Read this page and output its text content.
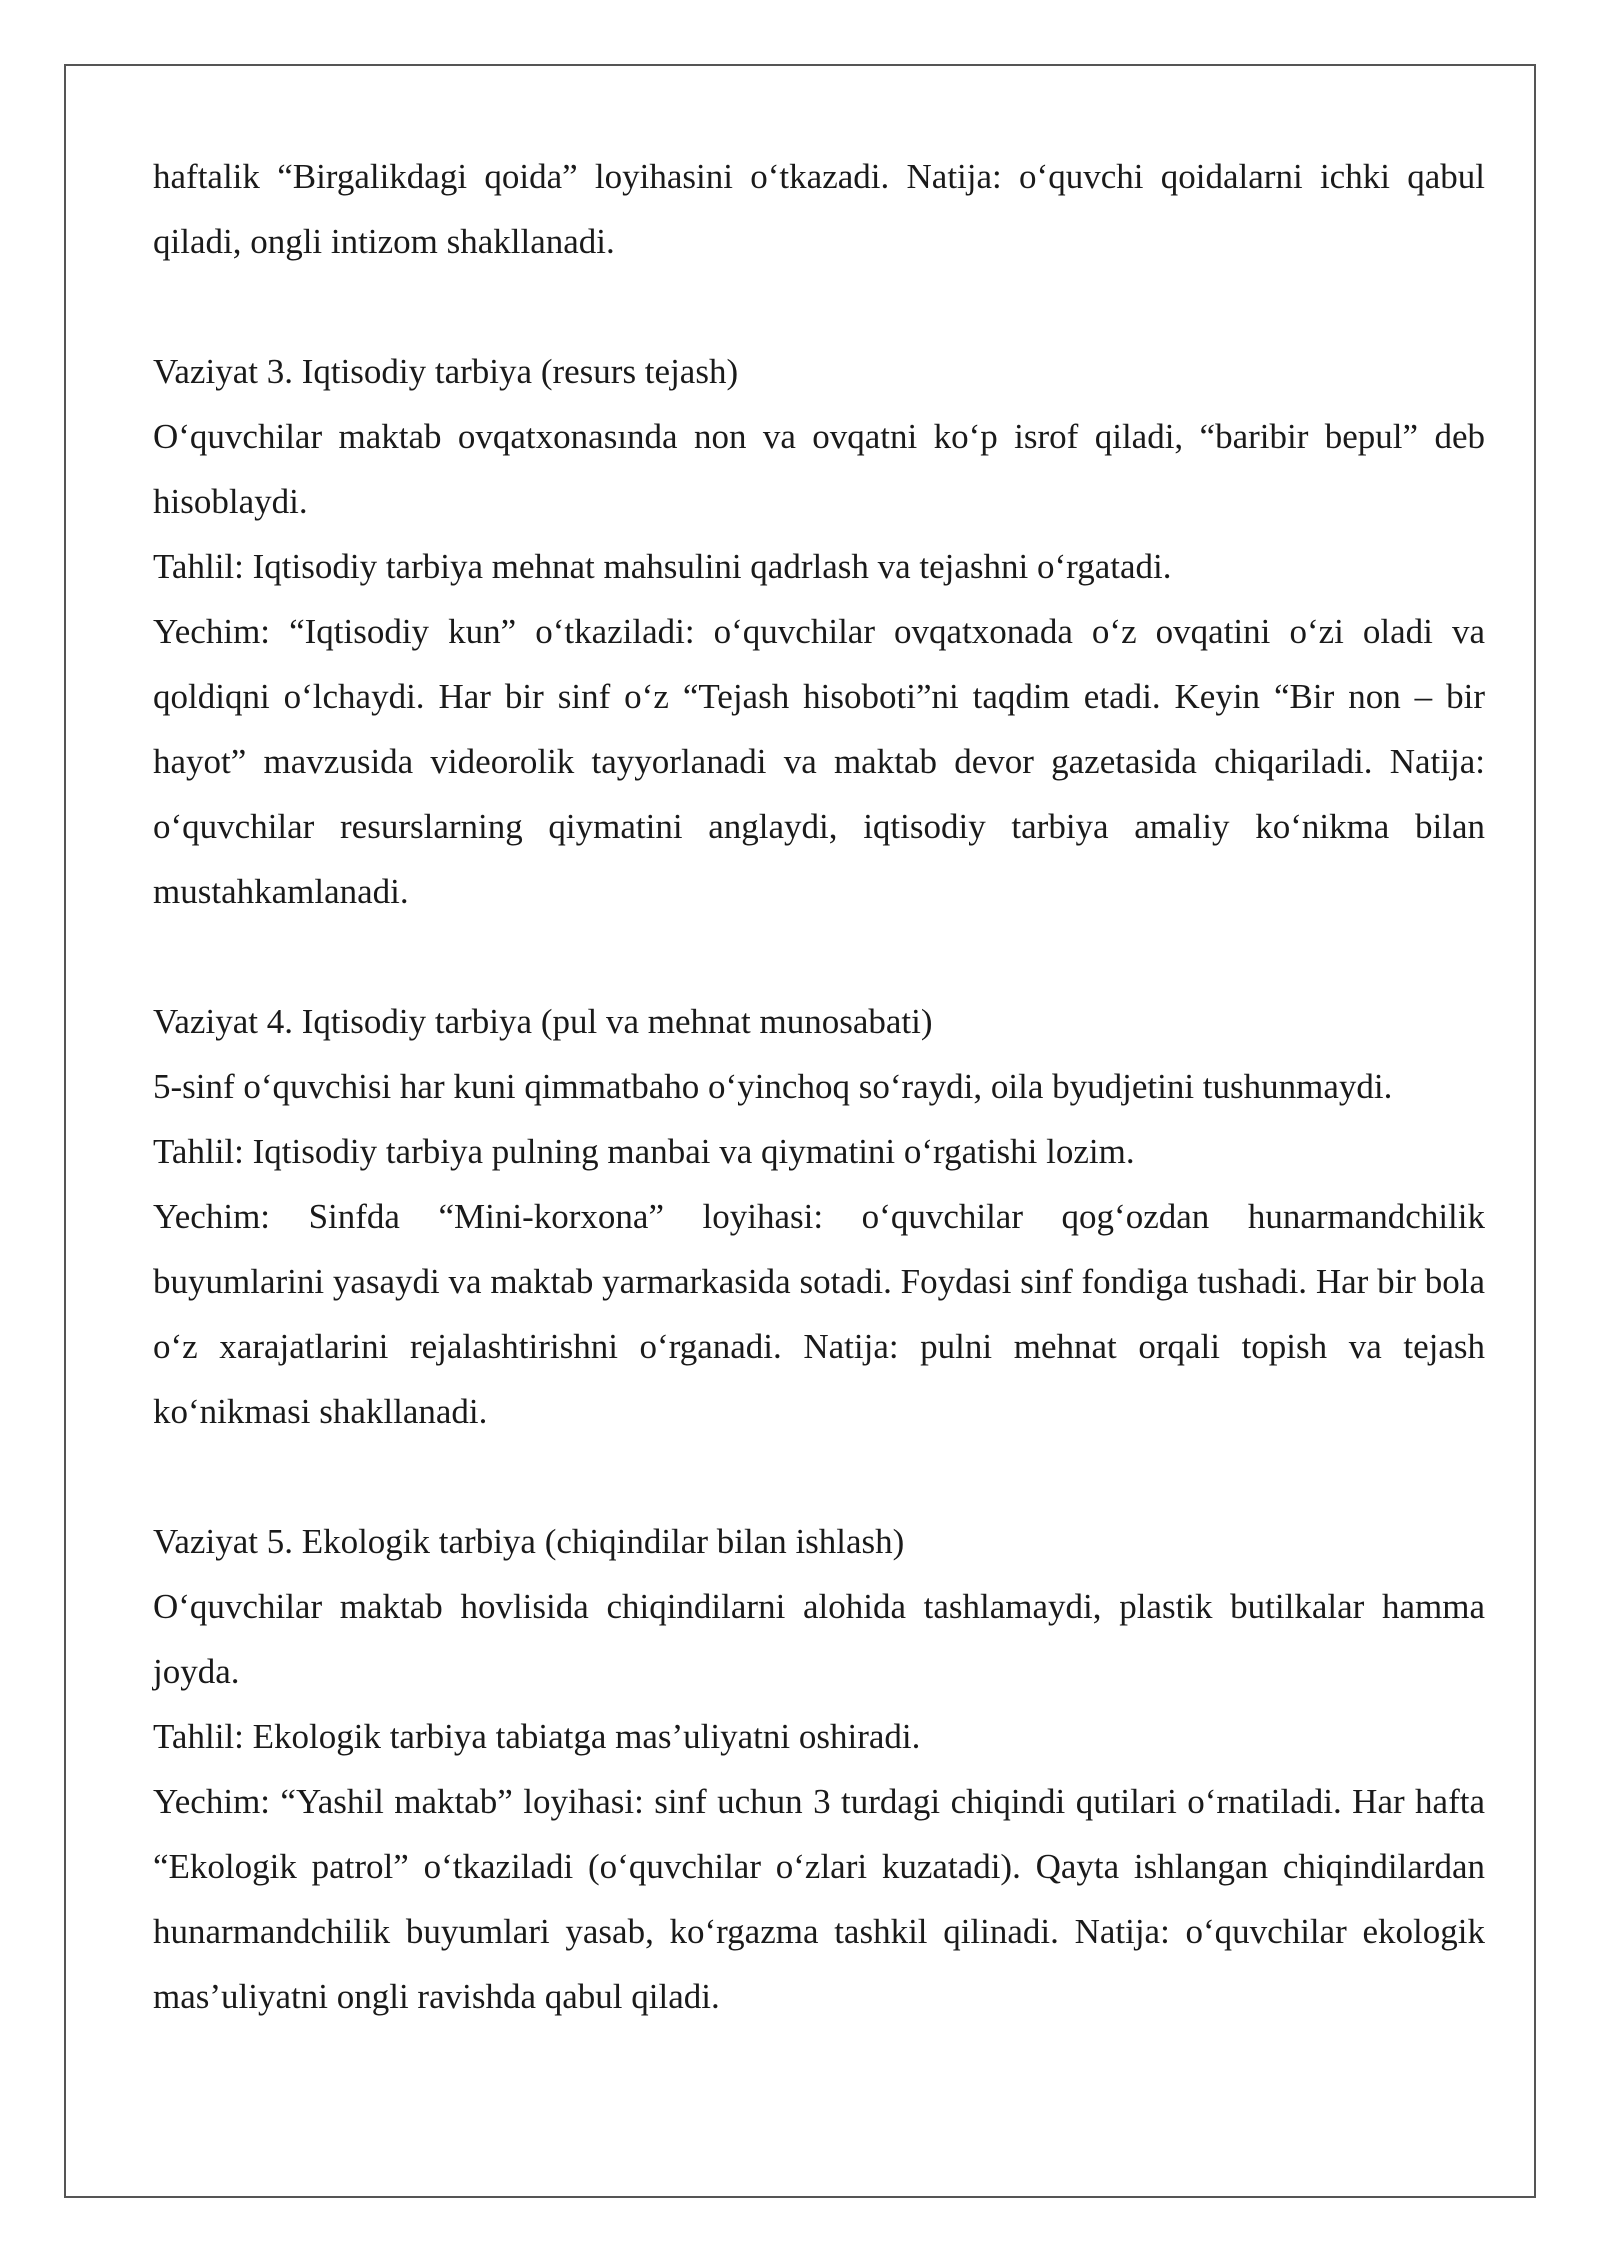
haftalik “Birgalikdagi qoida” loyihasini o‘tkazadi. Natija: o‘quvchi qoidalarni ichki qabul qiladi, ongli intizom shakllanadi.

Vaziyat 3. Iqtisodiy tarbiya (resurs tejash)

O‘quvchilar maktab ovqatxonasında non va ovqatni ko‘p isrof qiladi, “baribir bepul” deb hisoblaydi.

Tahlil: Iqtisodiy tarbiya mehnat mahsulini qadrlash va tejashni o‘rgatadi.

Yechim: “Iqtisodiy kun” o‘tkaziladi: o‘quvchilar ovqatxonada o‘z ovqatini o‘zi oladi va qoldiqni o‘lchaydi. Har bir sinf o‘z “Tejash hisoboti”ni taqdim etadi. Keyin “Bir non – bir hayot” mavzusida videorolik tayyorlanadi va maktab devor gazetasida chiqariladi. Natija: o‘quvchilar resurslarning qiymatini anglaydi, iqtisodiy tarbiya amaliy ko‘nikma bilan mustahkamlanadi.

Vaziyat 4. Iqtisodiy tarbiya (pul va mehnat munosabati)

5-sinf o‘quvchisi har kuni qimmatbaho o‘yinchoq so‘raydi, oila byudjetini tushunmaydi.

Tahlil: Iqtisodiy tarbiya pulning manbai va qiymatini o‘rgatishi lozim.

Yechim: Sinfda “Mini-korxona” loyihasi: o‘quvchilar qog‘ozdan hunarmandchilik buyumlarini yasaydi va maktab yarmarkasida sotadi. Foydasi sinf fondiga tushadi. Har bir bola o‘z xarajatlarini rejalashtirishni o‘rganadi. Natija: pulni mehnat orqali topish va tejash ko‘nikmasi shakllanadi.

Vaziyat 5. Ekologik tarbiya (chiqindilar bilan ishlash)

O‘quvchilar maktab hovlisida chiqindilarni alohida tashlamaydi, plastik butilkalar hamma joyda.

Tahlil: Ekologik tarbiya tabiatga mas’uliyatni oshiradi.

Yechim: “Yashil maktab” loyihasi: sinf uchun 3 turdagi chiqindi qutilari o‘rnatiladi. Har hafta “Ekologik patrol” o‘tkaziladi (o‘quvchilar o‘zlari kuzatadi). Qayta ishlangan chiqindilardan hunarmandchilik buyumlari yasab, ko‘rgazma tashkil qilinadi. Natija: o‘quvchilar ekologik mas’uliyatni ongli ravishda qabul qiladi.
